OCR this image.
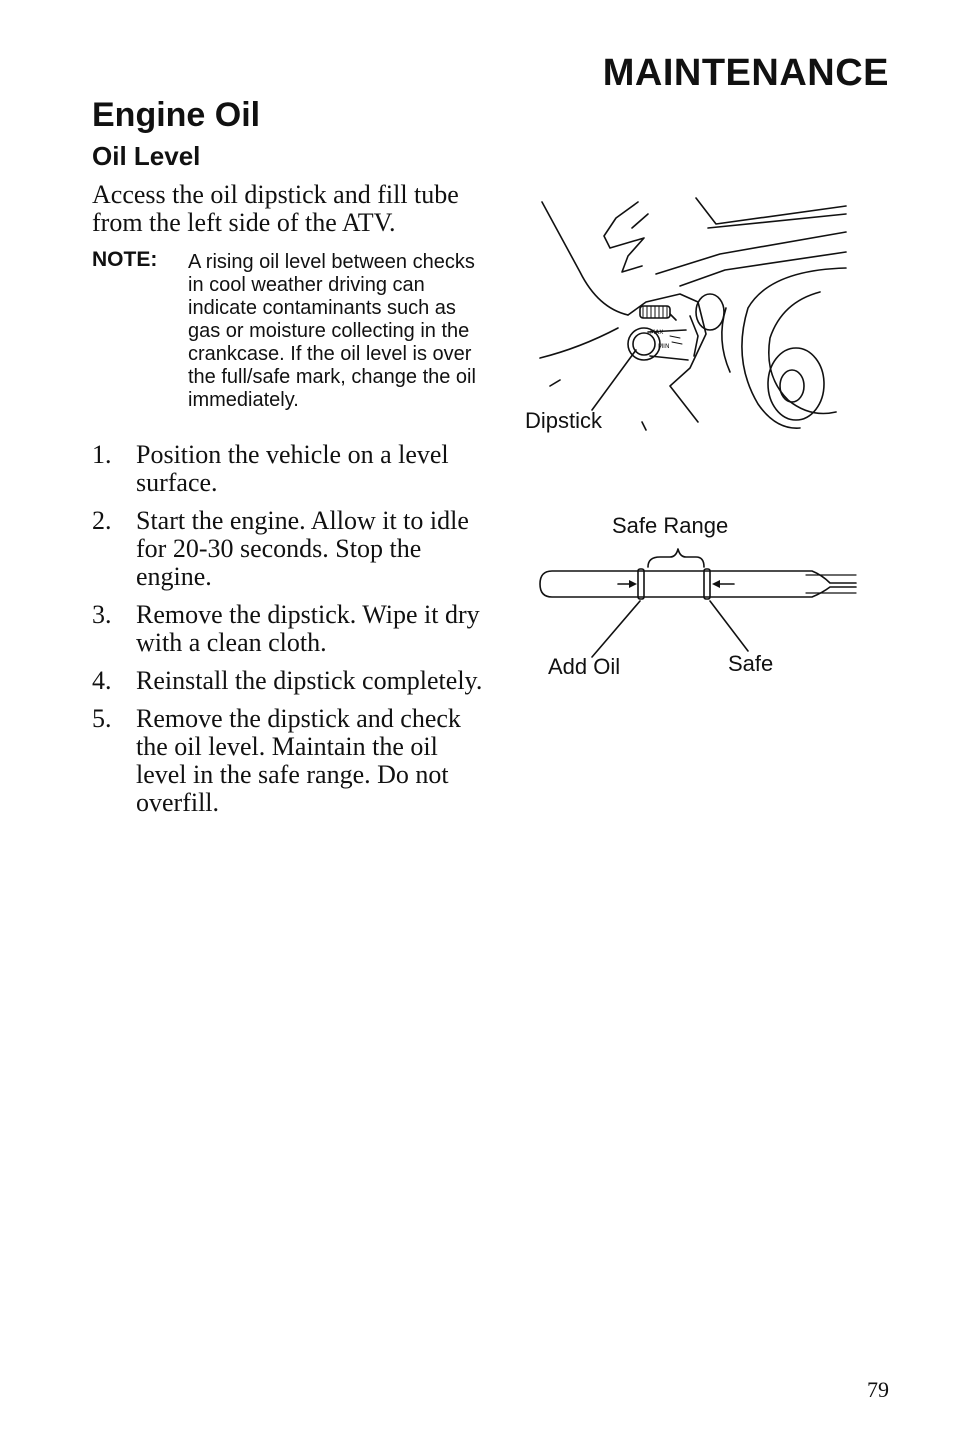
MAINTENANCE
Engine Oil
Oil Level
Access the oil dipstick and fill tube from the left side of the ATV.
NOTE: A rising oil level between checks in cool weather driving can indicate contaminants such as gas or moisture collecting in the crankcase. If the oil level is over the full/safe mark, change the oil immediately.
1. Position the vehicle on a level surface.
2. Start the engine. Allow it to idle for 20-30 seconds. Stop the engine.
3. Remove the dipstick. Wipe it dry with a clean cloth.
4. Reinstall the dipstick completely.
5. Remove the dipstick and check the oil level. Maintain the oil level in the safe range. Do not overfill.
MAX
MIN
Dipstick
Safe Range
Add Oil	Safe
79
